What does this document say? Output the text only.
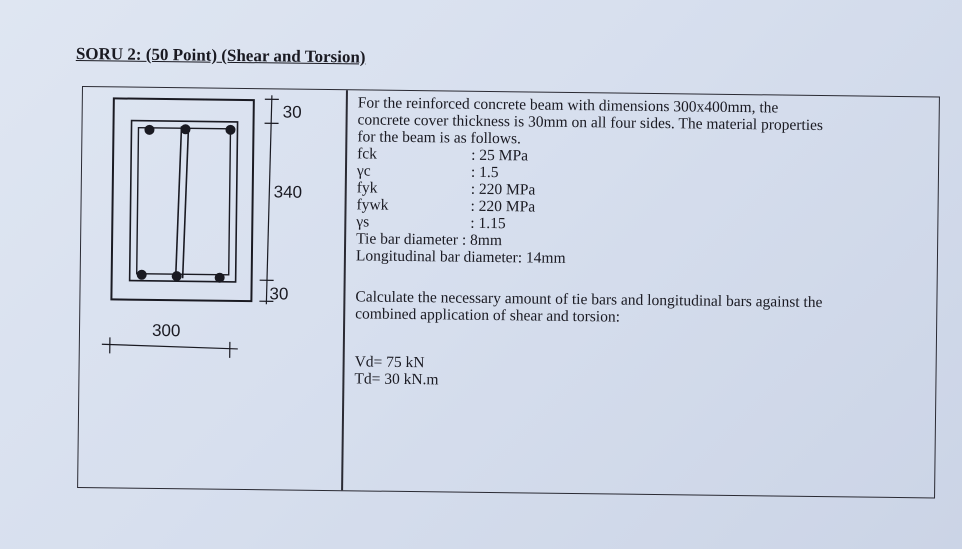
SORU 2: (50 Point) (Shear and Torsion)
30
340
30
300
For the reinforced concrete beam with dimensions 300x400mm, the
concrete cover thickness is 30mm on all four sides. The material properties
for the beam is as follows.
fck	: 25 MPa
γc	: 1.5
fyk	: 220 MPa
fywk	: 220 MPa
γs	: 1.15
Tie bar diameter : 8mm
Longitudinal bar diameter: 14mm
Calculate the necessary amount of tie bars and longitudinal bars against the
combined application of shear and torsion:
Vd= 75 kN
Td= 30 kN.m
